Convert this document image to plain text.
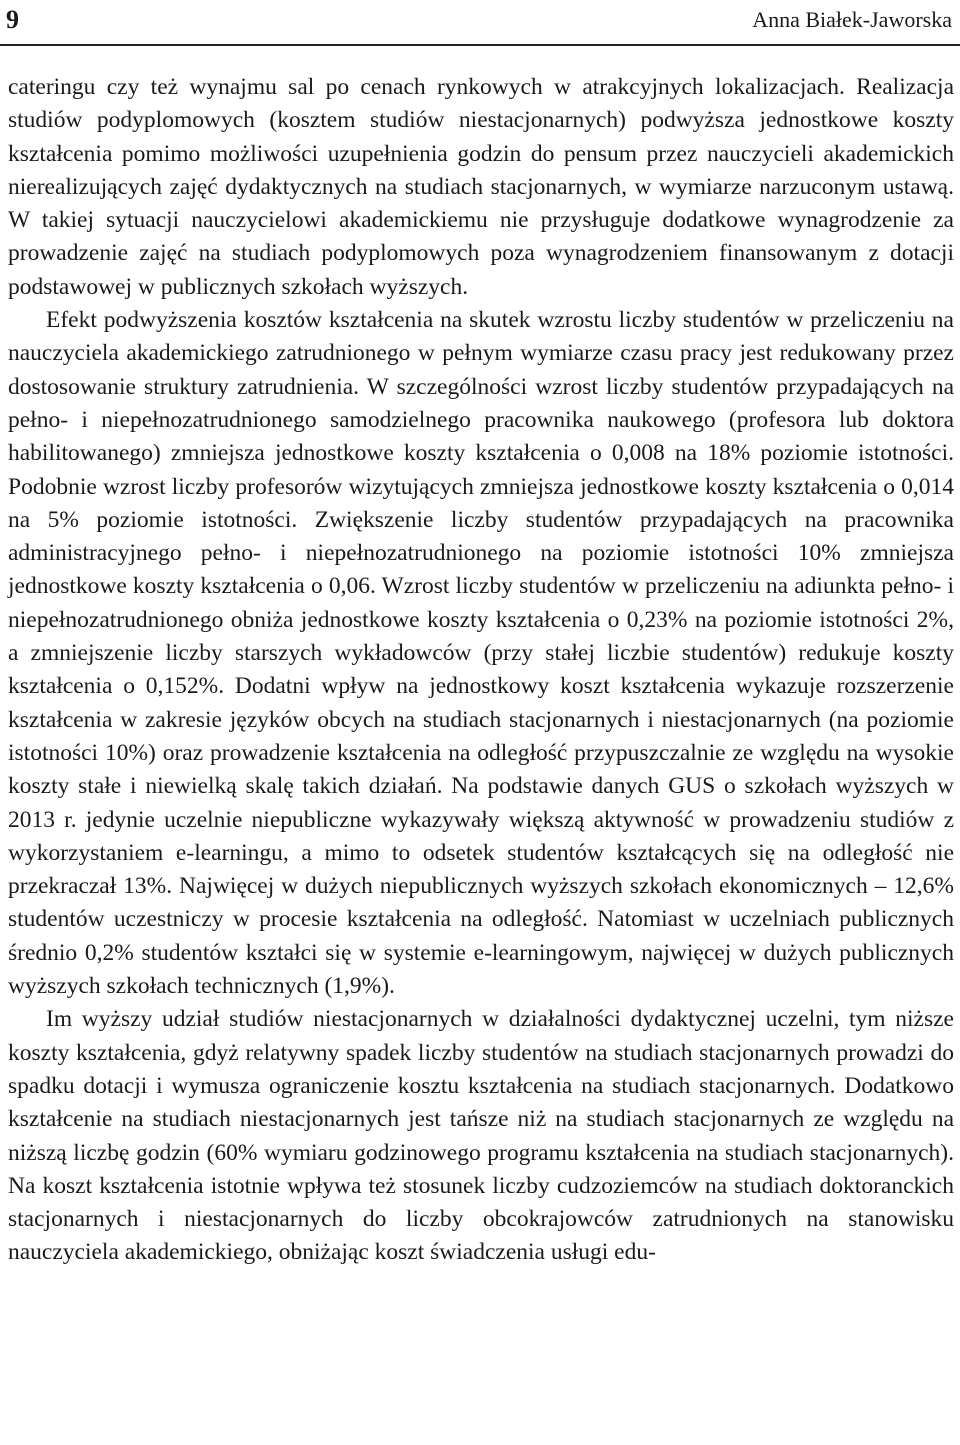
9	Anna Białek-Jaworska

cateringu czy też wynajmu sal po cenach rynkowych w atrakcyjnych lokalizacjach. Realizacja studiów podyplomowych (kosztem studiów niestacjonarnych) podwyższa jednostkowe koszty kształcenia pomimo możliwości uzupełnienia godzin do pensum przez nauczycieli akademickich nierealizujących zajęć dydaktycznych na studiach stacjonarnych, w wymiarze narzuconym ustawą. W takiej sytuacji nauczycielowi akademickiemu nie przysługuje dodatkowe wynagrodzenie za prowadzenie zajęć na studiach podyplomowych poza wynagrodzeniem finansowanym z dotacji podstawowej w publicznych szkołach wyższych.

Efekt podwyższenia kosztów kształcenia na skutek wzrostu liczby studentów w przeliczeniu na nauczyciela akademickiego zatrudnionego w pełnym wymiarze czasu pracy jest redukowany przez dostosowanie struktury zatrudnienia. W szczególności wzrost liczby studentów przypadających na pełno- i niepełnozatrudnionego samodzielnego pracownika naukowego (profesora lub doktora habilitowanego) zmniejsza jednostkowe koszty kształcenia o 0,008 na 18% poziomie istotności. Podobnie wzrost liczby profesorów wizytujących zmniejsza jednostkowe koszty kształcenia o 0,014 na 5% poziomie istotności. Zwiększenie liczby studentów przypadających na pracownika administracyjnego pełno- i niepełnozatrudnionego na poziomie istotności 10% zmniejsza jednostkowe koszty kształcenia o 0,06. Wzrost liczby studentów w przeliczeniu na adiunkta pełno- i niepełnozatrudnionego obniża jednostkowe koszty kształcenia o 0,23% na poziomie istotności 2%, a zmniejszenie liczby starszych wykładowców (przy stałej liczbie studentów) redukuje koszty kształcenia o 0,152%. Dodatni wpływ na jednostkowy koszt kształcenia wykazuje rozszerzenie kształcenia w zakresie języków obcych na studiach stacjonarnych i niestacjonarnych (na poziomie istotności 10%) oraz prowadzenie kształcenia na odległość przypuszczalnie ze względu na wysokie koszty stałe i niewielką skalę takich działań. Na podstawie danych GUS o szkołach wyższych w 2013 r. jedynie uczelnie niepubliczne wykazywały większą aktywność w prowadzeniu studiów z wykorzystaniem e-learningu, a mimo to odsetek studentów kształcących się na odległość nie przekraczał 13%. Najwięcej w dużych niepublicznych wyższych szkołach ekonomicznych – 12,6% studentów uczestniczy w procesie kształcenia na odległość. Natomiast w uczelniach publicznych średnio 0,2% studentów kształci się w systemie e-learningowym, najwięcej w dużych publicznych wyższych szkołach technicznych (1,9%).

Im wyższy udział studiów niestacjonarnych w działalności dydaktycznej uczelni, tym niższe koszty kształcenia, gdyż relatywny spadek liczby studentów na studiach stacjonarnych prowadzi do spadku dotacji i wymusza ograniczenie kosztu kształcenia na studiach stacjonarnych. Dodatkowo kształcenie na studiach niestacjonarnych jest tańsze niż na studiach stacjonarnych ze względu na niższą liczbę godzin (60% wymiaru godzinowego programu kształcenia na studiach stacjonarnych). Na koszt kształcenia istotnie wpływa też stosunek liczby cudzoziemców na studiach doktoranckich stacjonarnych i niestacjonarnych do liczby obcokrajowców zatrudnionych na stanowisku nauczyciela akademickiego, obniżając koszt świadczenia usługi edu-
